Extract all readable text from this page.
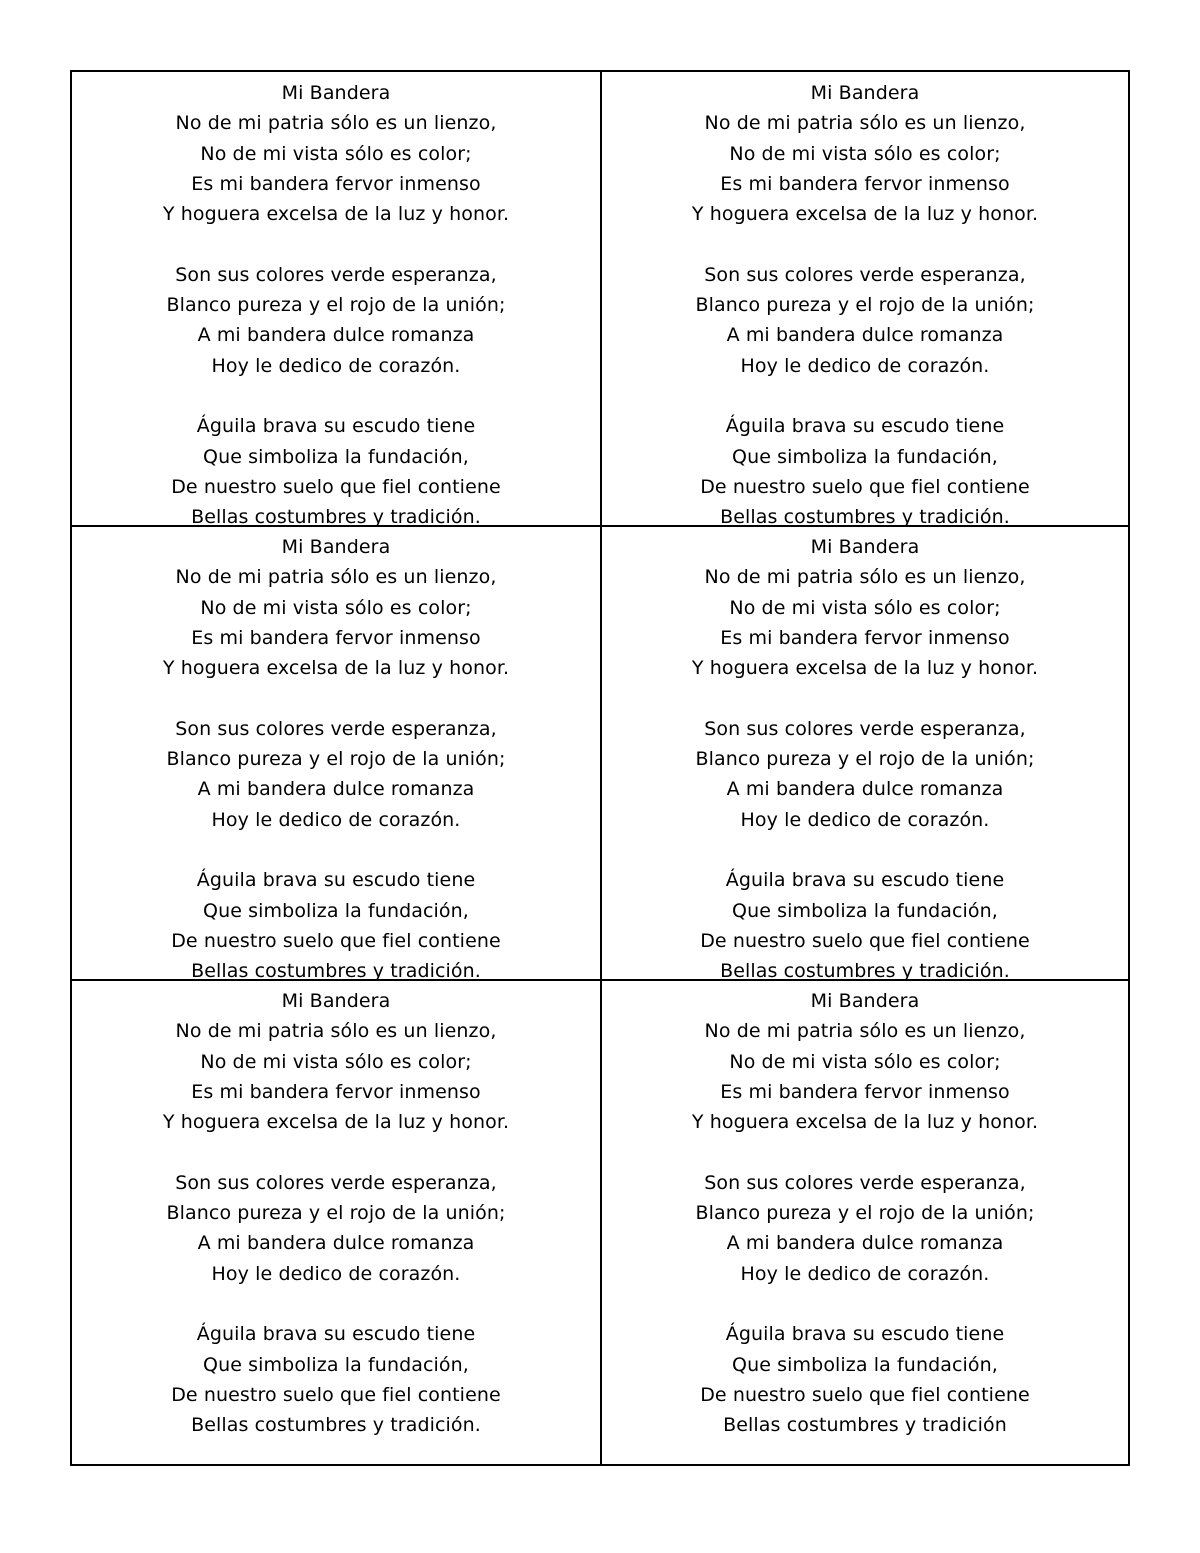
Mi Bandera
No de mi patria sólo es un lienzo,
No de mi vista sólo es color;
Es mi bandera fervor inmenso
Y hoguera excelsa de la luz y honor.
Son sus colores verde esperanza,
Blanco pureza y el rojo de la unión;
A mi bandera dulce romanza
Hoy le dedico de corazón.
Águila brava su escudo tiene
Que simboliza la fundación,
De nuestro suelo que fiel contiene
Bellas costumbres y tradición.
Mi Bandera
No de mi patria sólo es un lienzo,
No de mi vista sólo es color;
Es mi bandera fervor inmenso
Y hoguera excelsa de la luz y honor.
Son sus colores verde esperanza,
Blanco pureza y el rojo de la unión;
A mi bandera dulce romanza
Hoy le dedico de corazón.
Águila brava su escudo tiene
Que simboliza la fundación,
De nuestro suelo que fiel contiene
Bellas costumbres y tradición.
Mi Bandera
No de mi patria sólo es un lienzo,
No de mi vista sólo es color;
Es mi bandera fervor inmenso
Y hoguera excelsa de la luz y honor.
Son sus colores verde esperanza,
Blanco pureza y el rojo de la unión;
A mi bandera dulce romanza
Hoy le dedico de corazón.
Águila brava su escudo tiene
Que simboliza la fundación,
De nuestro suelo que fiel contiene
Bellas costumbres y tradición.
Mi Bandera
No de mi patria sólo es un lienzo,
No de mi vista sólo es color;
Es mi bandera fervor inmenso
Y hoguera excelsa de la luz y honor.
Son sus colores verde esperanza,
Blanco pureza y el rojo de la unión;
A mi bandera dulce romanza
Hoy le dedico de corazón.
Águila brava su escudo tiene
Que simboliza la fundación,
De nuestro suelo que fiel contiene
Bellas costumbres y tradición.
Mi Bandera
No de mi patria sólo es un lienzo,
No de mi vista sólo es color;
Es mi bandera fervor inmenso
Y hoguera excelsa de la luz y honor.
Son sus colores verde esperanza,
Blanco pureza y el rojo de la unión;
A mi bandera dulce romanza
Hoy le dedico de corazón.
Águila brava su escudo tiene
Que simboliza la fundación,
De nuestro suelo que fiel contiene
Bellas costumbres y tradición.
Mi Bandera
No de mi patria sólo es un lienzo,
No de mi vista sólo es color;
Es mi bandera fervor inmenso
Y hoguera excelsa de la luz y honor.
Son sus colores verde esperanza,
Blanco pureza y el rojo de la unión;
A mi bandera dulce romanza
Hoy le dedico de corazón.
Águila brava su escudo tiene
Que simboliza la fundación,
De nuestro suelo que fiel contiene
Bellas costumbres y tradición
